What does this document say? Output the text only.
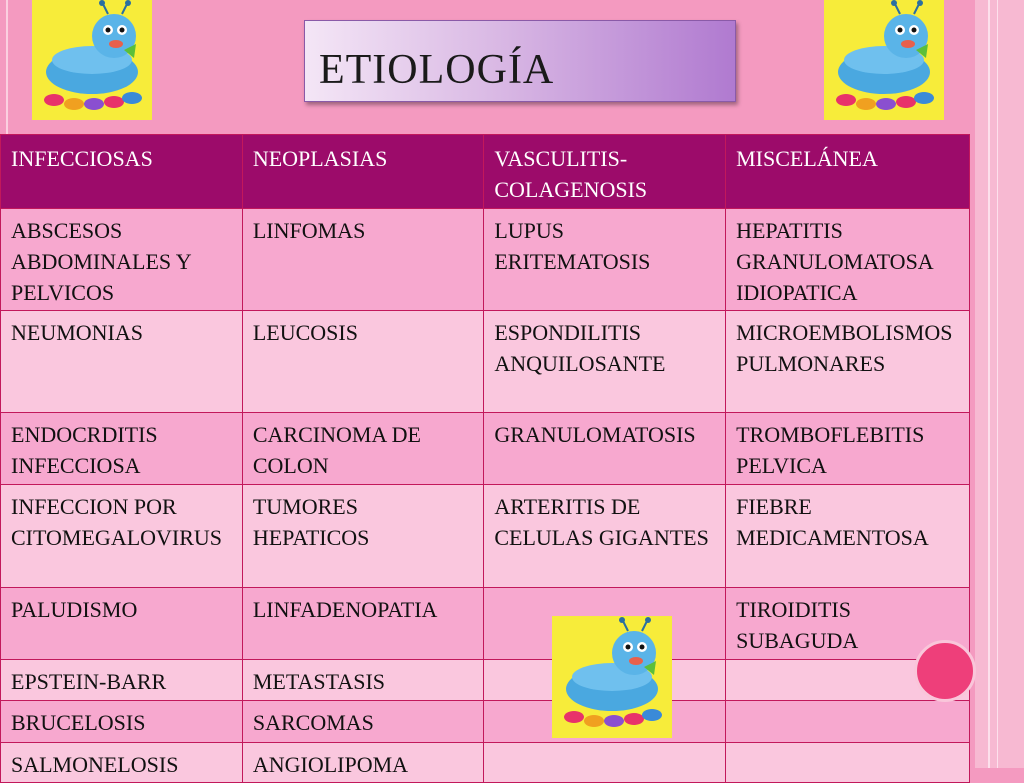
ETIOLOGÍA
INFECCIOSAS	NEOPLASIAS	VASCULITIS-COLAGENOSIS	MISCELÁNEA
ABSCESOS ABDOMINALES Y PELVICOS	LINFOMAS	LUPUS ERITEMATOSIS	HEPATITIS GRANULOMATOSA IDIOPATICA
NEUMONIAS	LEUCOSIS	ESPONDILITIS ANQUILOSANTE	MICROEMBOLISMOS PULMONARES
ENDOCRDITIS INFECCIOSA	CARCINOMA DE COLON	GRANULOMATOSIS	TROMBOFLEBITIS PELVICA
INFECCION POR CITOMEGALOVIRUS	TUMORES HEPATICOS	ARTERITIS DE CELULAS GIGANTES	FIEBRE MEDICAMENTOSA
PALUDISMO	LINFADENOPATIA		TIROIDITIS SUBAGUDA
EPSTEIN-BARR	METASTASIS		
BRUCELOSIS	SARCOMAS		
SALMONELOSIS	ANGIOLIPOMA		
